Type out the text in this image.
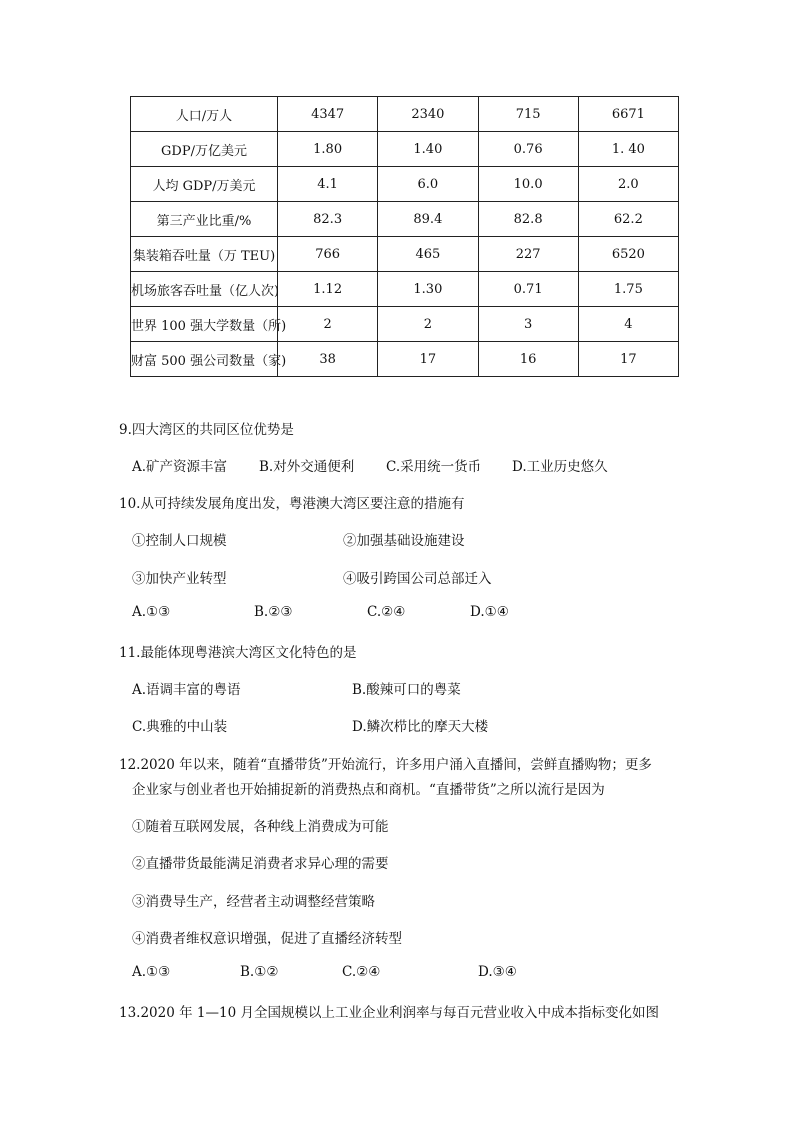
人口/万人	4347	2340	715	6671
GDP/万亿美元	1.80	1.40	0.76	1. 40
人均 GDP/万美元	4.1	6.0	10.0	2.0
第三产业比重/%	82.3	89.4	82.8	62.2
集装箱吞吐量（万 TEU)	766	465	227	6520
机场旅客吞吐量（亿人次)	1.12	1.30	0.71	1.75
世界 100 强大学数量（所)	2	2	3	4
财富 500 强公司数量（家)	38	17	16	17
9.四大湾区的共同区位优势是
A.矿产资源丰富 B.对外交通便利 C.采用统一货币 D.工业历史悠久
10.从可持续发展角度出发，粤港澳大湾区要注意的措施有
①控制人口规模	②加强基础设施建设
③加快产业转型	④吸引跨国公司总部迁入
A.①③	B.②③	C.②④	D.①④
11.最能体现粤港滨大湾区文化特色的是
A.语调丰富的粤语	B.酸辣可口的粤菜
C.典雅的中山装	D.鳞次栉比的摩天大楼
12.2020 年以来，随着“直播带货”开始流行，许多用户涌入直播间，尝鲜直播购物；更多
企业家与创业者也开始捕捉新的消费热点和商机。“直播带货”之所以流行是因为
①随着互联网发展，各种线上消费成为可能
②直播带货最能满足消费者求异心理的需要
③消费导生产，经营者主动调整经营策略
④消费者维权意识增强，促进了直播经济转型
A.①③	B.①②	C.②④	D.③④
13.2020 年 1—10 月全国规模以上工业企业利润率与每百元营业收入中成本指标变化如图
